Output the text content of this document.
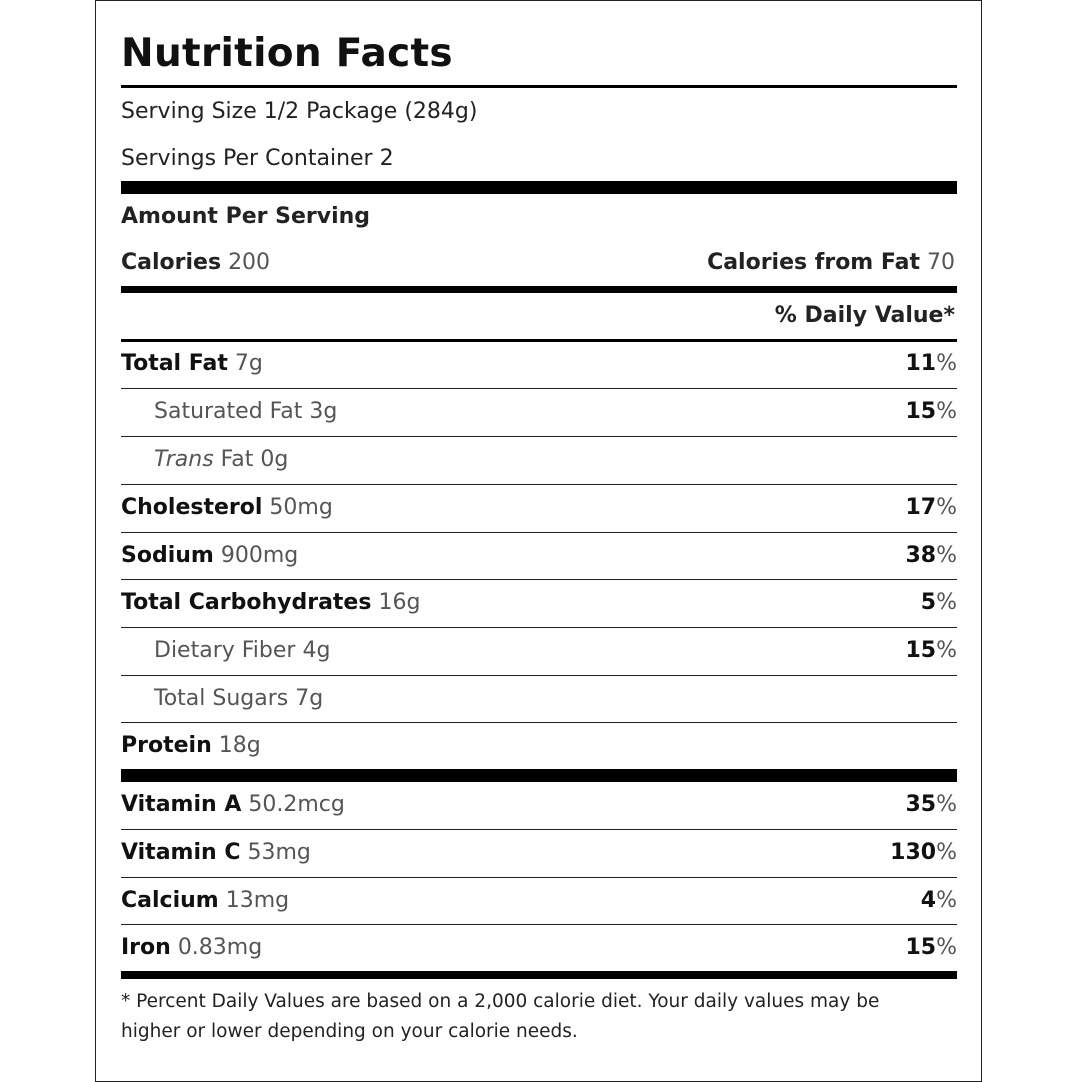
Nutrition Facts
Serving Size 1/2 Package (284g)
Servings Per Container 2
Amount Per Serving
Calories 200	Calories from Fat 70
% Daily Value*
Total Fat 7g	11%
Saturated Fat 3g	15%
Trans Fat 0g
Cholesterol 50mg	17%
Sodium 900mg	38%
Total Carbohydrates 16g	5%
Dietary Fiber 4g	15%
Total Sugars 7g
Protein 18g
Vitamin A 50.2mcg	35%
Vitamin C 53mg	130%
Calcium 13mg	4%
Iron 0.83mg	15%
* Percent Daily Values are based on a 2,000 calorie diet. Your daily values may be higher or lower depending on your calorie needs.
